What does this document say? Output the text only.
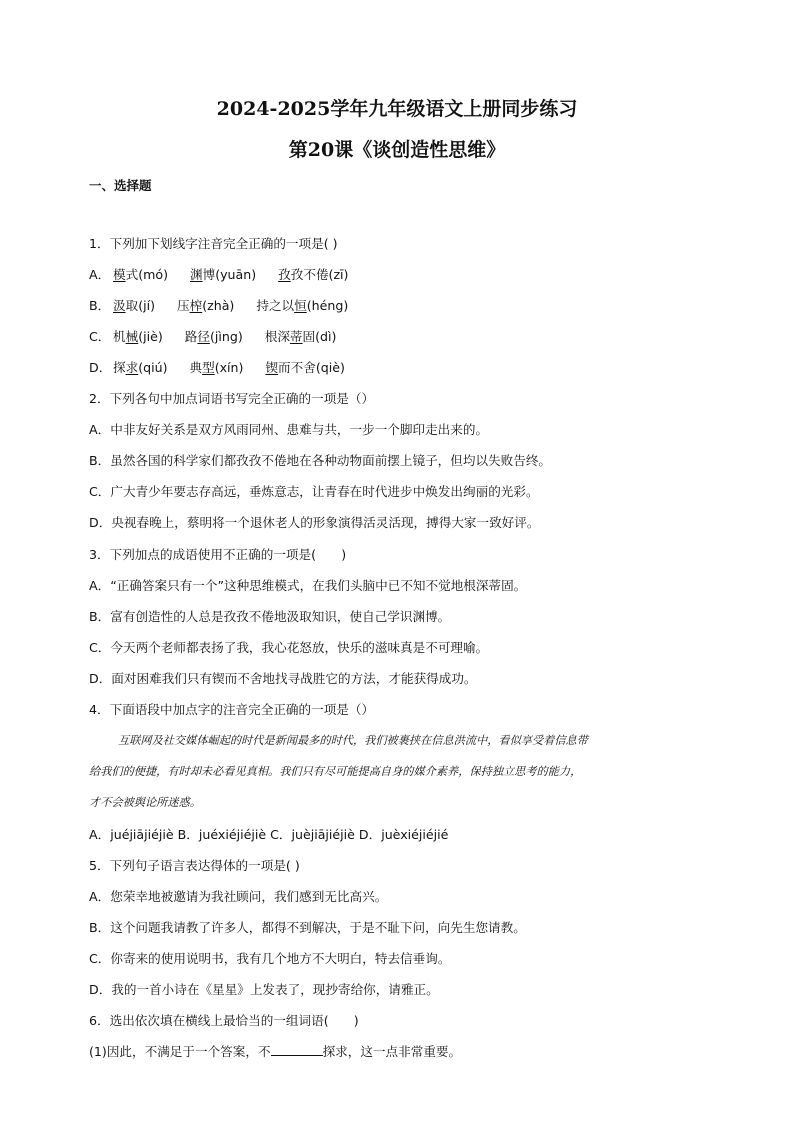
2024-2025学年九年级语文上册同步练习
第20课《谈创造性思维》
一、选择题
1．下列加下划线字注音完全正确的一项是( )
A． 模式(mó) 渊博(yuān) 孜孜不倦(zī)
B． 汲取(jí) 压榨(zhà) 持之以恒(héng)
C． 机械(jiè) 路径(jìng) 根深蒂固(dì)
D． 探求(qiú) 典型(xín) 锲而不舍(qiè)
2．下列各句中加点词语书写完全正确的一项是（）
A．中非友好关系是双方风雨同州、患难与共，一步一个脚印走出来的。
B．虽然各国的科学家们都孜孜不倦地在各种动物面前摆上镜子，但均以失败告终。
C．广大青少年要志存高远，垂炼意志，让青春在时代进步中焕发出绚丽的光彩。
D．央视春晚上，蔡明将一个退休老人的形象演得活灵活现，搏得大家一致好评。
3．下列加点的成语使用不正确的一项是(　　)
A．“正确答案只有一个”这种思维模式，在我们头脑中已不知不觉地根深蒂固。
B．富有创造性的人总是孜孜不倦地汲取知识，使自己学识渊博。
C．今天两个老师都表扬了我，我心花怒放，快乐的滋味真是不可理喻。
D．面对困难我们只有锲而不舍地找寻战胜它的方法，才能获得成功。
4．下面语段中加点字的注音完全正确的一项是（）
互联网及社交媒体崛起的时代是新闻最多的时代，我们被裹挟在信息洪流中，看似享受着信息带
给我们的便捷，有时却未必看见真相。我们只有尽可能提高自身的媒介素养，保持独立思考的能力，
才不会被舆论所迷惑。
A．juéjiājiéjiè B．juéxiéjiéjiè C．juèjiājiéjiè D．juèxiéjiéjié
5．下列句子语言表达得体的一项是( )
A．您荣幸地被邀请为我社顾问，我们感到无比高兴。
B．这个问题我请教了许多人，都得不到解决，于是不耻下问，向先生您请教。
C．你寄来的使用说明书，我有几个地方不大明白，特去信垂询。
D．我的一首小诗在《星星》上发表了，现抄寄给你，请雅正。
6．选出依次填在横线上最恰当的一组词语(　　)
(1)因此，不满足于一个答案，不	探求，这一点非常重要。
